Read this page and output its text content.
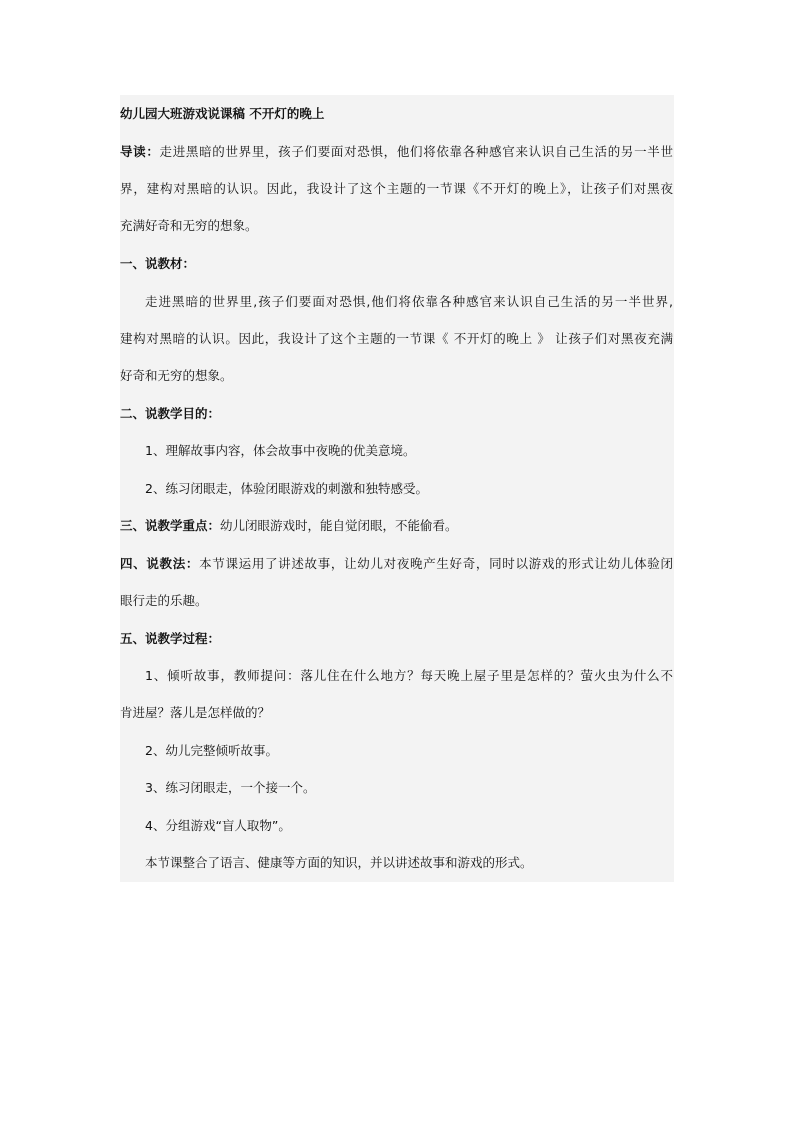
幼儿园大班游戏说课稿 不开灯的晚上
导读：走进黑暗的世界里，孩子们要面对恐惧，他们将依靠各种感官来认识自己生活的另一半世
界，建构对黑暗的认识。因此，我设计了这个主题的一节课《不开灯的晚上》，让孩子们对黑夜
充满好奇和无穷的想象。
一、说教材：
走进黑暗的世界里,孩子们要面对恐惧,他们将依靠各种感官来认识自己生活的另一半世界,
建构对黑暗的认识。因此，我设计了这个主题的一节课《 不开灯的晚上 》 让孩子们对黑夜充满
好奇和无穷的想象。
二、说教学目的：
1、理解故事内容，体会故事中夜晚的优美意境。
2、练习闭眼走，体验闭眼游戏的刺激和独特感受。
三、说教学重点：幼儿闭眼游戏时，能自觉闭眼，不能偷看。
四、说教法：本节课运用了讲述故事，让幼儿对夜晚产生好奇，同时以游戏的形式让幼儿体验闭
眼行走的乐趣。
五、说教学过程：
1、倾听故事，教师提问：落儿住在什么地方？每天晚上屋子里是怎样的？萤火虫为什么不
肯进屋？落儿是怎样做的？
2、幼儿完整倾听故事。
3、练习闭眼走，一个接一个。
4、分组游戏“盲人取物”。
本节课整合了语言、健康等方面的知识，并以讲述故事和游戏的形式。
